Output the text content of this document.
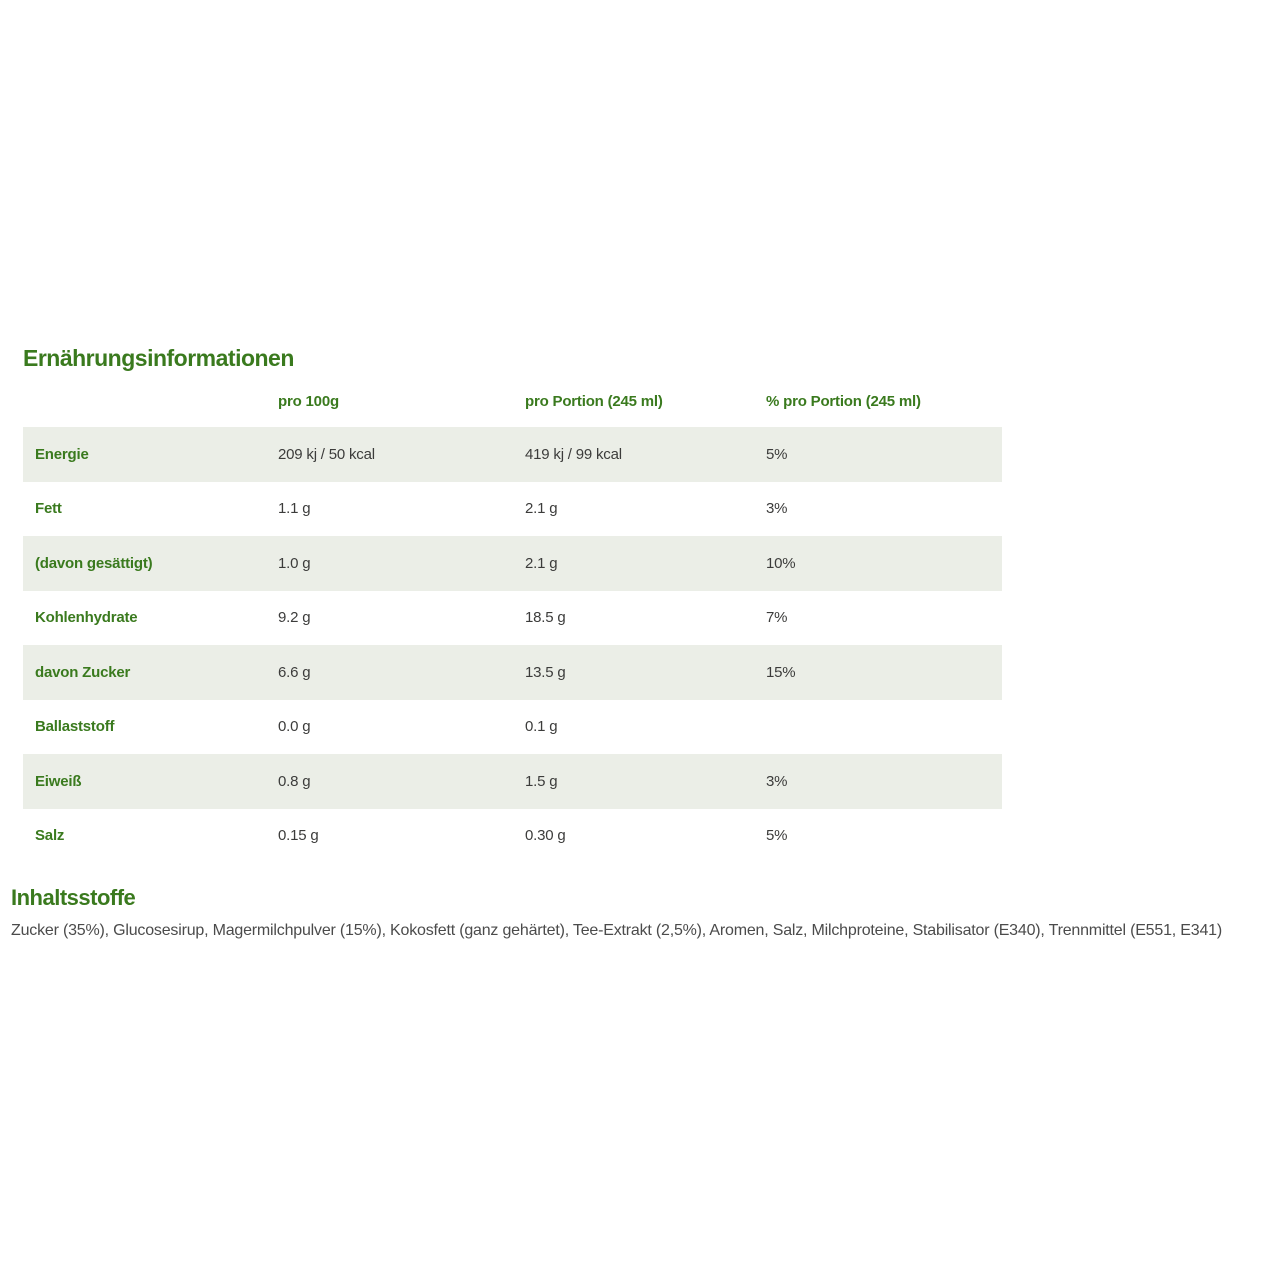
Ernährungsinformationen
pro 100g	pro Portion (245 ml)	% pro Portion (245 ml)
Energie	209 kj / 50 kcal	419 kj / 99 kcal	5%
Fett	1.1 g	2.1 g	3%
(davon gesättigt)	1.0 g	2.1 g	10%
Kohlenhydrate	9.2 g	18.5 g	7%
davon Zucker	6.6 g	13.5 g	15%
Ballaststoff	0.0 g	0.1 g
Eiweiß	0.8 g	1.5 g	3%
Salz	0.15 g	0.30 g	5%
Inhaltsstoffe

Zucker (35%), Glucosesirup, Magermilchpulver (15%), Kokosfett (ganz gehärtet), Tee-Extrakt (2,5%), Aromen, Salz, Milchproteine, Stabilisator (E340), Trennmittel (E551, E341)
